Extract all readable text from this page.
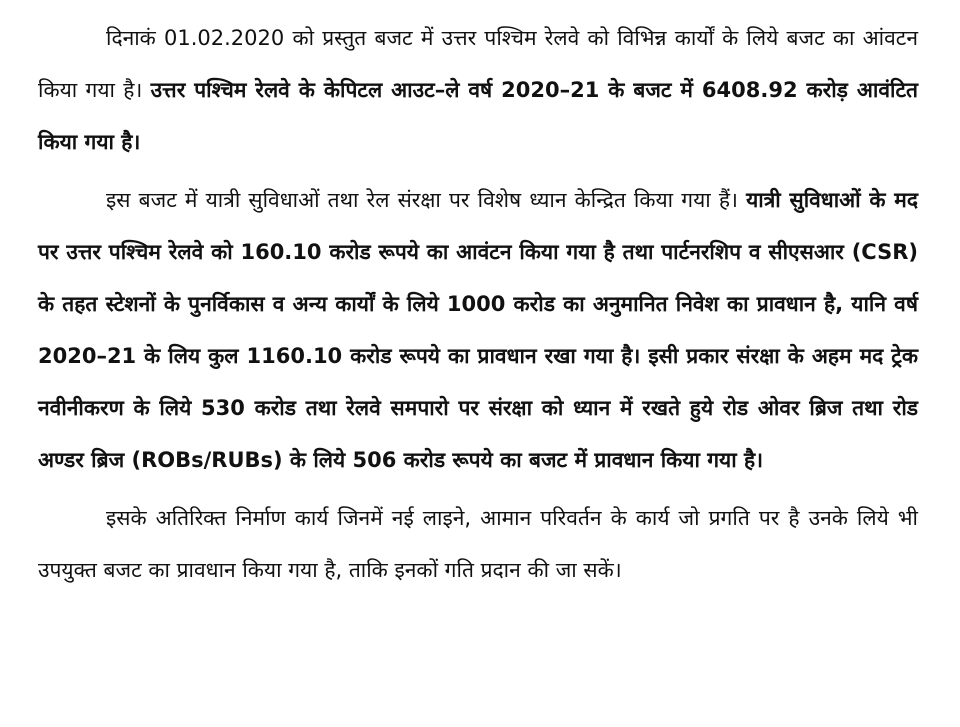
दिनाकं 01.02.2020 को प्रस्तुत बजट में उत्तर पश्चिम रेलवे को विभिन्न कार्यों के लिये बजट का आंवटन किया गया है। उत्तर पश्चिम रेलवे के केपिटल आउट–ले वर्ष 2020–21 के बजट में 6408.92 करोड़ आवंटित किया गया है।

इस बजट में यात्री सुविधाओं तथा रेल संरक्षा पर विशेष ध्यान केन्द्रित किया गया हैं। यात्री सुविधाओं के मद पर उत्तर पश्चिम रेलवे को 160.10 करोड रूपये का आवंटन किया गया है तथा पार्टनरशिप व सीएसआर (CSR) के तहत स्टेशनों के पुनर्विकास व अन्य कार्यों के लिये 1000 करोड का अनुमानित निवेश का प्रावधान है, यानि वर्ष 2020–21 के लिय कुल 1160.10 करोड रूपये का प्रावधान रखा गया है। इसी प्रकार संरक्षा के अहम मद ट्रेक नवीनीकरण के लिये 530 करोड तथा रेलवे समपारो पर संरक्षा को ध्यान में रखते हुये रोड ओवर ब्रिज तथा रोड अण्डर ब्रिज (ROBs/RUBs) के लिये 506 करोड रूपये का बजट में प्रावधान किया गया है।

इसके अतिरिक्त निर्माण कार्य जिनमें नई लाइने, आमान परिवर्तन के कार्य जो प्रगति पर है उनके लिये भी उपयुक्त बजट का प्रावधान किया गया है, ताकि इनकों गति प्रदान की जा सकें।
